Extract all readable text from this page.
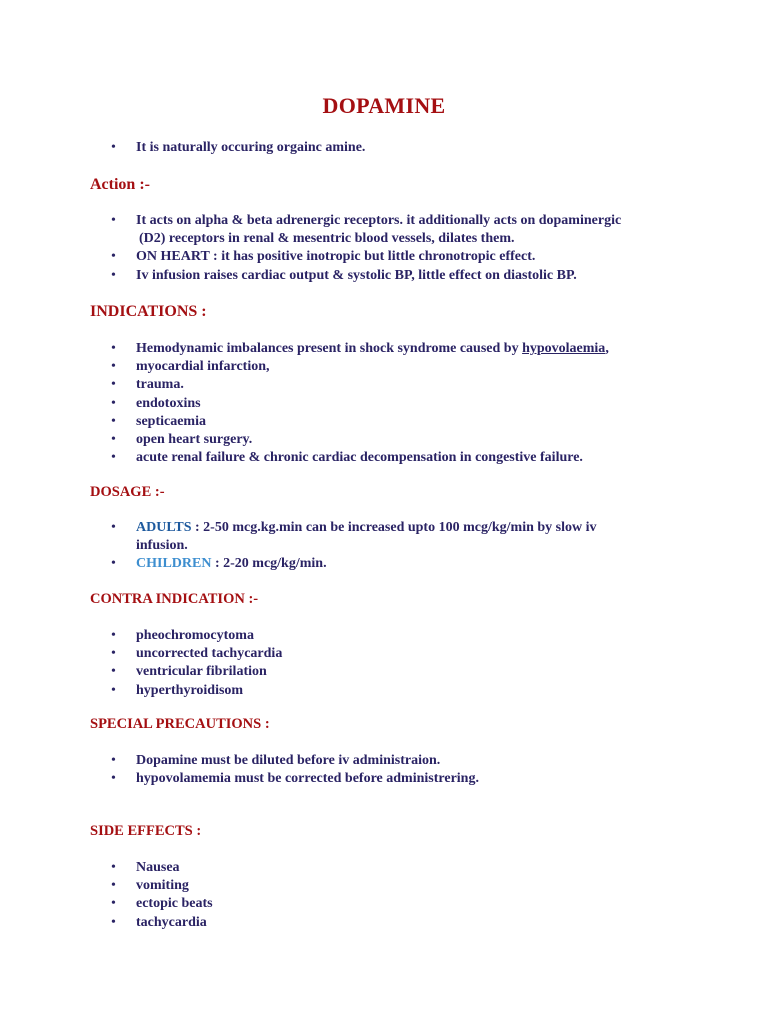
DOPAMINE
• It is naturally occuring orgainc amine.
Action :-
• It acts on alpha & beta adrenergic receptors. it additionally acts on dopaminergic
(D2) receptors in renal & mesentric blood vessels, dilates them.
• ON HEART : it has positive inotropic but little chronotropic effect.
• Iv infusion raises cardiac output & systolic BP, little effect on diastolic BP.
INDICATIONS :
• Hemodynamic imbalances present in shock syndrome caused by hypovolaemia,
• myocardial infarction,
• trauma.
• endotoxins
• septicaemia
• open heart surgery.
• acute renal failure & chronic cardiac decompensation in congestive failure.
DOSAGE :-
• ADULTS : 2-50 mcg.kg.min can be increased upto 100 mcg/kg/min by slow iv
infusion.
• CHILDREN : 2-20 mcg/kg/min.
CONTRA INDICATION :-
• pheochromocytoma
• uncorrected tachycardia
• ventricular fibrilation
• hyperthyroidisom
SPECIAL PRECAUTIONS :
• Dopamine must be diluted before iv administraion.
• hypovolamemia must be corrected before administrering.
SIDE EFFECTS :
• Nausea
• vomiting
• ectopic beats
• tachycardia
